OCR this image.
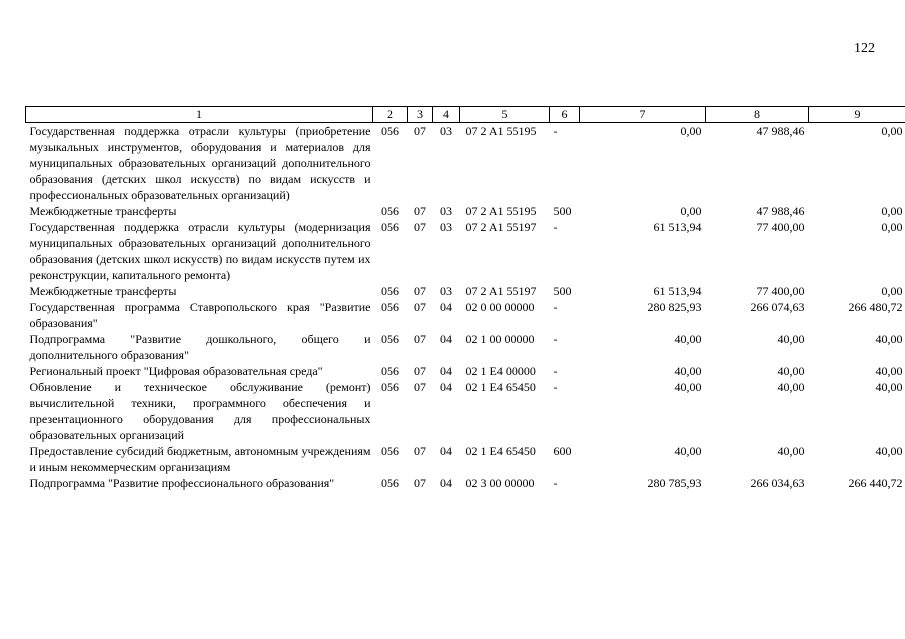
122
1	2	3	4	5	6	7	8	9
Государственная поддержка отрасли культуры (приобретение музыкальных инструментов, оборудования и материалов для муниципальных образовательных организаций дополнительного образования (детских школ искусств) по видам искусств и профессиональных образовательных организаций)	056	07	03	07 2 A1 55195	-	0,00	47 988,46	0,00
Межбюджетные трансферты	056	07	03	07 2 A1 55195	500	0,00	47 988,46	0,00
Государственная поддержка отрасли культуры (модернизация муниципальных образовательных организаций дополнительного образования (детских школ искусств) по видам искусств путем их реконструкции, капитального ремонта)	056	07	03	07 2 A1 55197	-	61 513,94	77 400,00	0,00
Межбюджетные трансферты	056	07	03	07 2 A1 55197	500	61 513,94	77 400,00	0,00
Государственная программа Ставропольского края "Развитие образования"	056	07	04	02 0 00 00000	-	280 825,93	266 074,63	266 480,72
Подпрограмма "Развитие дошкольного, общего и дополнительного образования"	056	07	04	02 1 00 00000	-	40,00	40,00	40,00
Региональный проект "Цифровая образовательная среда"	056	07	04	02 1 E4 00000	-	40,00	40,00	40,00
Обновление и техническое обслуживание (ремонт) вычислительной техники, программного обеспечения и презентационного оборудования для профессиональных образовательных организаций	056	07	04	02 1 E4 65450	-	40,00	40,00	40,00
Предоставление субсидий бюджетным, автономным учреждениям и иным некоммерческим организациям	056	07	04	02 1 E4 65450	600	40,00	40,00	40,00
Подпрограмма "Развитие профессионального образования"	056	07	04	02 3 00 00000	-	280 785,93	266 034,63	266 440,72
